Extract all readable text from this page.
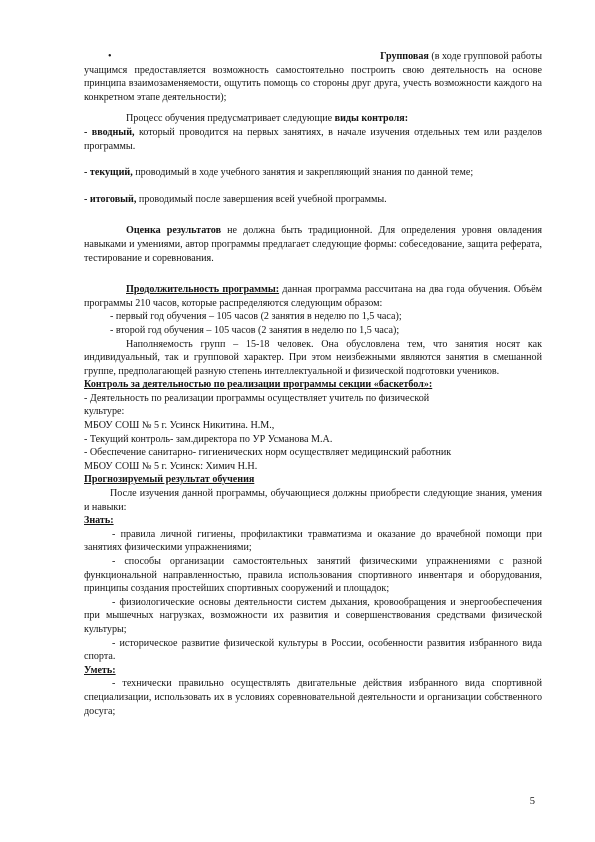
•	Групповая (в ходе групповой работы

учащимся предоставляется возможность самостоятельно построить свою деятельность на основе принципа взаимозаменяемости, ощутить помощь со стороны друг друга, учесть возможности каждого на конкретном этапе деятельности);

Процесс обучения предусматривает следующие виды контроля:

- вводный, который проводится на первых занятиях, в начале изучения отдельных тем или разделов программы.

- текущий, проводимый в ходе учебного занятия и закрепляющий знания по данной теме;

- итоговый, проводимый после завершения всей учебной программы.

Оценка результатов не должна быть традиционной. Для определения уровня овладения навыками и умениями, автор программы предлагает следующие формы: собеседование, защита реферата, тестирование и соревнования.

Продолжительность программы: данная программа рассчитана на два года обучения. Объём программы 210 часов, которые распределяются следующим образом:

- первый год обучения – 105 часов (2 занятия в неделю по 1,5 часа);

- второй год обучения – 105 часов (2 занятия в неделю по 1,5 часа);

Наполняемость групп – 15-18 человек. Она обусловлена тем, что занятия носят как индивидуальный, так и групповой характер. При этом неизбежными являются занятия в смешанной группе, предполагающей разную степень интеллектуальной и физической подготовки учеников.

Контроль за деятельностью по реализации программы секции «баскетбол»:

- Деятельность по реализации программы осуществляет учитель по физической

культуре:

МБОУ СОШ № 5 г. Усинск Никитина. Н.М.,

- Текущий контроль- зам.директора по УР Усманова М.А.

- Обеспечение санитарно- гигиенических норм осуществляет медицинский работник

МБОУ СОШ № 5 г. Усинск: Химич Н.Н.

Прогнозируемый результат обучения

После изучения данной программы, обучающиеся должны приобрести следующие знания, умения и навыки:

Знать:

- правила личной гигиены, профилактики травматизма и оказание до врачебной помощи при занятиях физическими упражнениями;

- способы организации самостоятельных занятий физическими упражнениями с разной функциональной направленностью, правила использования спортивного инвентаря и оборудования, принципы создания простейших спортивных сооружений и площадок;

- физиологические основы деятельности систем дыхания, кровообращения и энергообеспечения при мышечных нагрузках, возможности их развития и совершенствования средствами физической культуры;

- историческое развитие физической культуры в России, особенности развития избранного вида спорта.

Уметь:

- технически правильно осуществлять двигательные действия избранного вида спортивной специализации, использовать их в условиях соревновательной деятельности и организации собственного досуга;

5
